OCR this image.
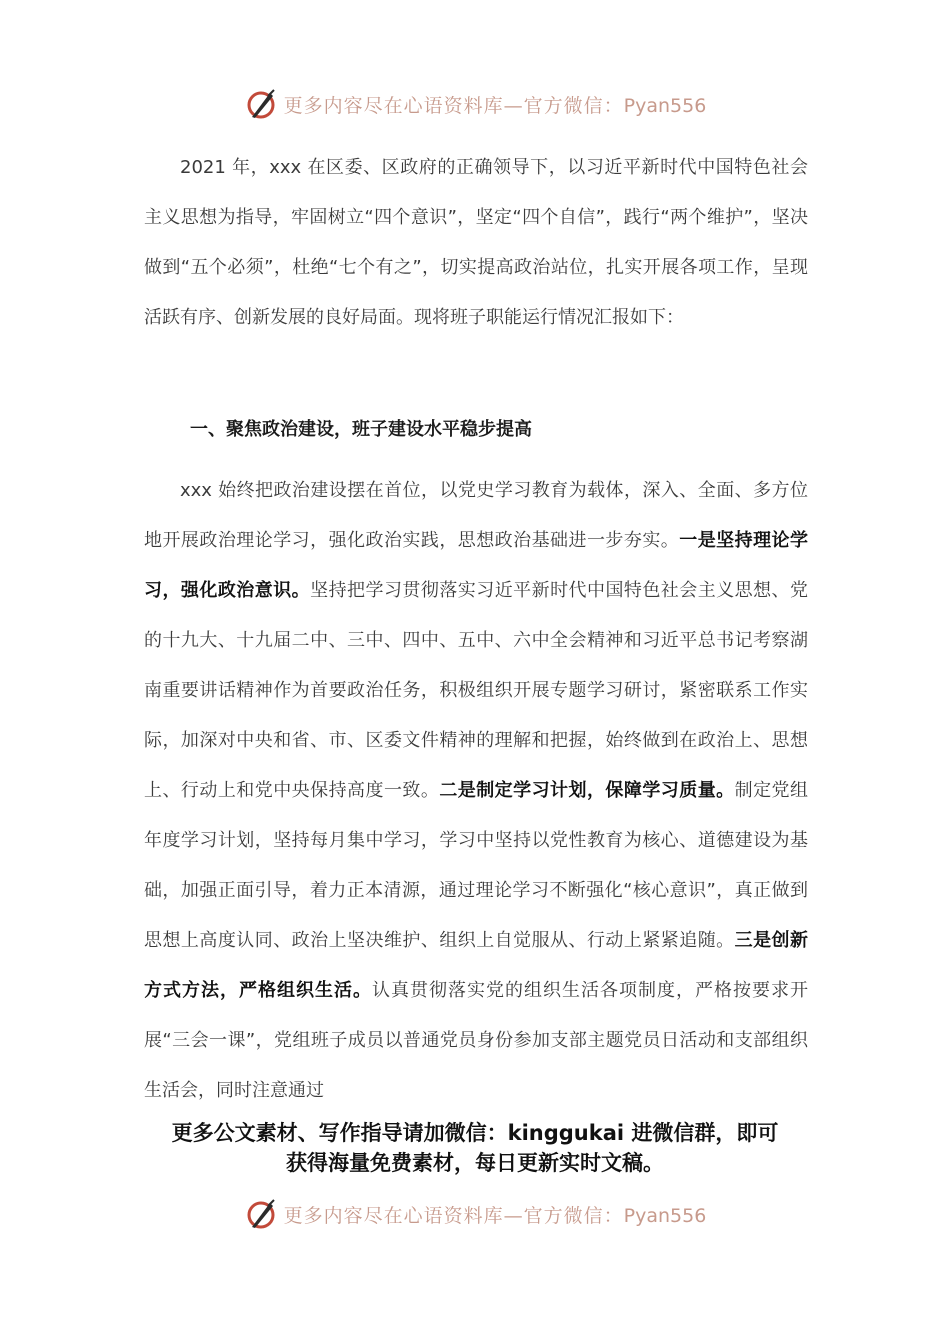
更多内容尽在心语资料库—官方微信：Pyan556

2021 年，xxx 在区委、区政府的正确领导下，以习近平新时代中国特色社会主义思想为指导，牢固树立“四个意识”，坚定“四个自信”，践行“两个维护”，坚决做到“五个必须”，杜绝“七个有之”，切实提高政治站位，扎实开展各项工作，呈现活跃有序、创新发展的良好局面。现将班子职能运行情况汇报如下：

一、聚焦政治建设，班子建设水平稳步提高

xxx 始终把政治建设摆在首位，以党史学习教育为载体，深入、全面、多方位地开展政治理论学习，强化政治实践，思想政治基础进一步夯实。一是坚持理论学习，强化政治意识。坚持把学习贯彻落实习近平新时代中国特色社会主义思想、党的十九大、十九届二中、三中、四中、五中、六中全会精神和习近平总书记考察湖南重要讲话精神作为首要政治任务，积极组织开展专题学习研讨，紧密联系工作实际，加深对中央和省、市、区委文件精神的理解和把握，始终做到在政治上、思想上、行动上和党中央保持高度一致。二是制定学习计划，保障学习质量。制定党组年度学习计划，坚持每月集中学习，学习中坚持以党性教育为核心、道德建设为基础，加强正面引导，着力正本清源，通过理论学习不断强化“核心意识”，真正做到思想上高度认同、政治上坚决维护、组织上自觉服从、行动上紧紧追随。三是创新方式方法，严格组织生活。认真贯彻落实党的组织生活各项制度，严格按要求开展“三会一课”，党组班子成员以普通党员身份参加支部主题党员日活动和支部组织生活会，同时注意通过

更多公文素材、写作指导请加微信：kinggukai 进微信群，即可
获得海量免费素材，每日更新实时文稿。
更多内容尽在心语资料库—官方微信：Pyan556
